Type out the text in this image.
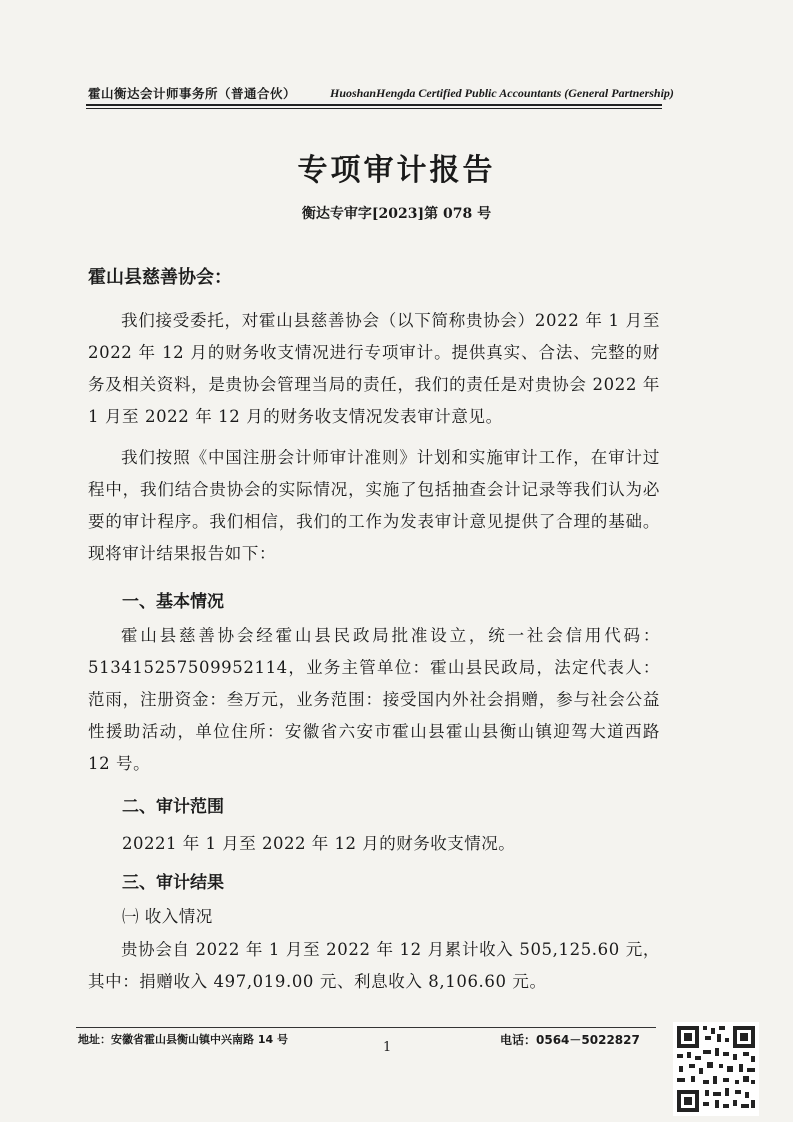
霍山衡达会计师事务所（普通合伙）	HuoshanHengda Certified Public Accountants (General Partnership)
专项审计报告
衡达专审字[2023]第 078 号
霍山县慈善协会：
我们接受委托，对霍山县慈善协会（以下简称贵协会）2022 年 1 月至 2022 年 12 月的财务收支情况进行专项审计。提供真实、合法、完整的财务及相关资料，是贵协会管理当局的责任，我们的责任是对贵协会 2022 年 1 月至 2022 年 12 月的财务收支情况发表审计意见。
我们按照《中国注册会计师审计准则》计划和实施审计工作，在审计过程中，我们结合贵协会的实际情况，实施了包括抽查会计记录等我们认为必要的审计程序。我们相信，我们的工作为发表审计意见提供了合理的基础。现将审计结果报告如下：
一、基本情况
霍山县慈善协会经霍山县民政局批准设立，统一社会信用代码：513415257509952114，业务主管单位：霍山县民政局，法定代表人：范雨，注册资金：叁万元，业务范围：接受国内外社会捐赠，参与社会公益性援助活动，单位住所：安徽省六安市霍山县霍山县衡山镇迎驾大道西路 12 号。
二、审计范围
20221 年 1 月至 2022 年 12 月的财务收支情况。
三、审计结果
㈠ 收入情况
贵协会自 2022 年 1 月至 2022 年 12 月累计收入 505,125.60 元，其中：捐赠收入 497,019.00 元、利息收入 8,106.60 元。
地址：安徽省霍山县衡山镇中兴南路 14 号
1	电话：0564－5022827
